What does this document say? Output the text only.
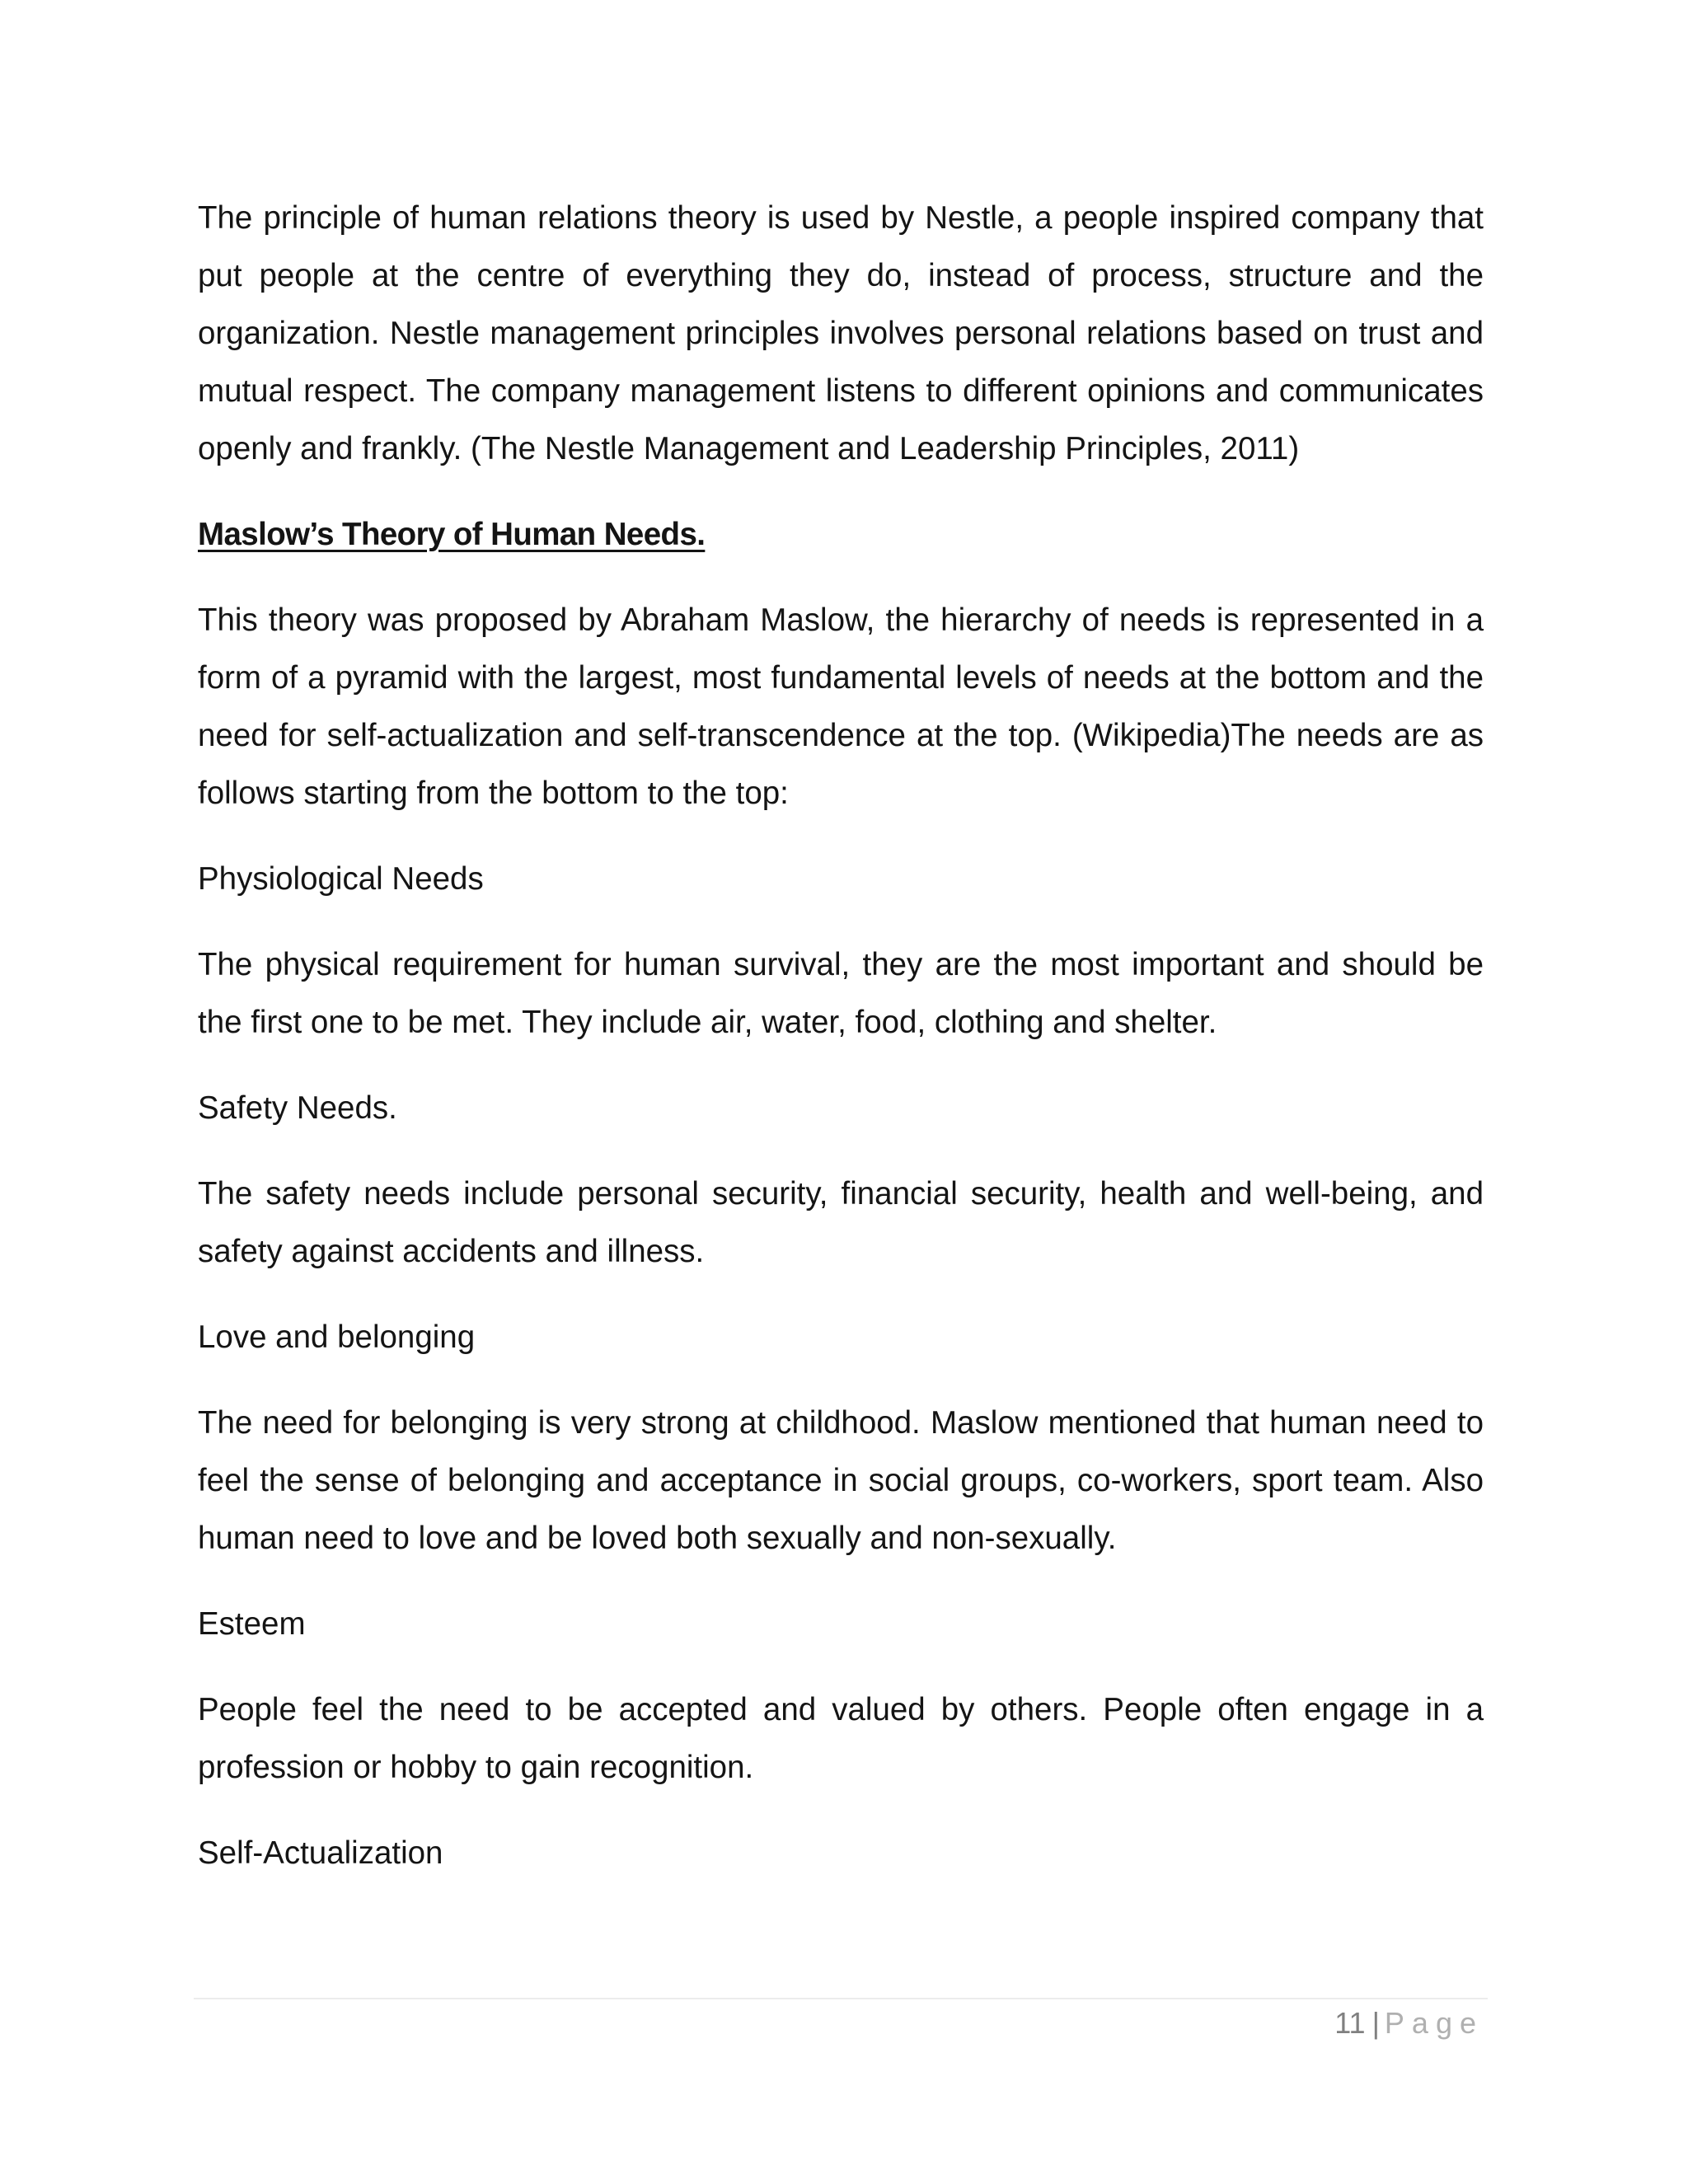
The principle of human relations theory is used by Nestle, a people inspired company that put people at the centre of everything they do, instead of process, structure and the organization. Nestle management principles involves personal relations based on trust and mutual respect. The company management listens to different opinions and communicates openly and frankly. (The Nestle Management and Leadership Principles, 2011)

Maslow’s Theory of Human Needs.

This theory was proposed by Abraham Maslow, the hierarchy of needs is represented in a form of a pyramid with the largest, most fundamental levels of needs at the bottom and the need for self-actualization and self-transcendence at the top. (Wikipedia)The needs are as follows starting from the bottom to the top:

Physiological Needs

The physical requirement for human survival, they are the most important and should be the first one to be met. They include air, water, food, clothing and shelter.

Safety Needs.

The safety needs include personal security, financial security, health and well-being, and safety against accidents and illness.

Love and belonging

The need for belonging is very strong at childhood. Maslow mentioned that human need to feel the sense of belonging and acceptance in social groups, co-workers, sport team. Also human need to love and be loved both sexually and non-sexually.

Esteem

People feel the need to be accepted and valued by others. People often engage in a profession or hobby to gain recognition.

Self-Actualization

11 | Page
